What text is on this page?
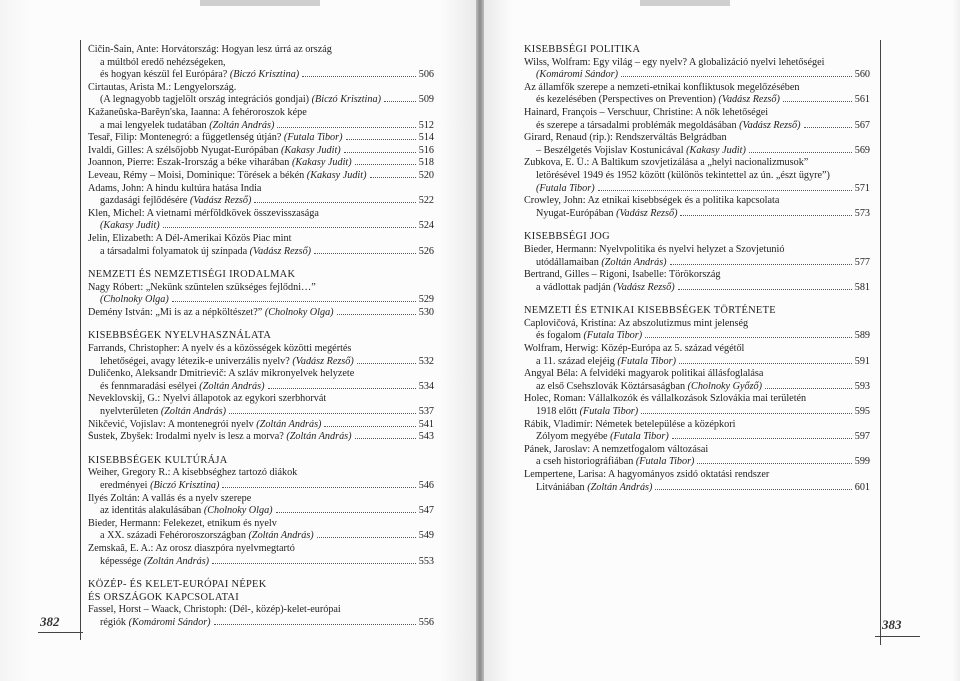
382	383
Čičin-Šain, Ante: Horvátország: Hogyan lesz úrrá az ország
a múltból eredő nehézségeken,
és hogyan készül fel Európára? (Biczó Krisztina)	506
Cirtautas, Arista M.: Lengyelország.
(A legnagyobb tagjelölt ország integrációs gondjai) (Biczó Krisztina)	509
Kažaneŭska-Barĕyn'ska, Iaanna: A fehéroroszok képe
a mai lengyelek tudatában (Zoltán András)	512
Tesař, Filip: Montenegró: a függetlenség útján? (Futala Tibor)	514
Ivaldi, Gilles: A szélsőjobb Nyugat-Európában (Kakasy Judit)	516
Joannon, Pierre: Észak-Írország a béke viharában (Kakasy Judit)	518
Leveau, Rémy – Moisi, Dominique: Törések a békén (Kakasy Judit)	520
Adams, John: A hindu kultúra hatása India
gazdasági fejlődésére (Vadász Rezső)	522
Klen, Michel: A vietnami mérföldkövek összevisszasága
(Kakasy Judit)	524
Jelin, Elizabeth: A Dél-Amerikai Közös Piac mint
a társadalmi folyamatok új színpada (Vadász Rezső)	526
NEMZETI ÉS NEMZETISÉGI IRODALMAK
Nagy Róbert: „Nekünk szüntelen szükséges fejlődni…”
(Cholnoky Olga)	529
Demény István: „Mi is az a népköltészet?” (Cholnoky Olga)	530
KISEBBSÉGEK NYELVHASZNÁLATA
Farrands, Christopher: A nyelv és a közösségek közötti megértés
lehetőségei, avagy létezik-e univerzális nyelv? (Vadász Rezső)	532
Duličenko, Aleksandr Dmitrievič: A szláv mikronyelvek helyzete
és fennmaradási esélyei (Zoltán András)	534
Neveklovskij, G.: Nyelvi állapotok az egykori szerbhorvát
nyelvterületen (Zoltán András)	537
Nikčević, Vojislav: A montenegrói nyelv (Zoltán András)	541
Šustek, Zbyšek: Irodalmi nyelv is lesz a morva? (Zoltán András)	543
KISEBBSÉGEK KULTÚRÁJA
Weiher, Gregory R.: A kisebbséghez tartozó diákok
eredményei (Biczó Krisztina)	546
Ilyés Zoltán: A vallás és a nyelv szerepe
az identitás alakulásában (Cholnoky Olga)	547
Bieder, Hermann: Felekezet, etnikum és nyelv
a XX. századi Fehéroroszországban (Zoltán András)	549
Zemskaâ, E. A.: Az orosz diaszpóra nyelvmegtartó
képessége (Zoltán András)	553
KÖZÉP- ÉS KELET-EURÓPAI NÉPEK
ÉS ORSZÁGOK KAPCSOLATAI
Fassel, Horst – Waack, Christoph: (Dél-, közép)-kelet-európai
régiók (Komáromi Sándor)	556
KISEBBSÉGI POLITIKA
Wilss, Wolfram: Egy világ – egy nyelv? A globalizáció nyelvi lehetőségei
(Komáromi Sándor)	560
Az államfők szerepe a nemzeti-etnikai konfliktusok megelőzésében
és kezelésében (Perspectives on Prevention) (Vadász Rezső)	561
Hainard, François – Verschuur, Christine: A nők lehetőségei
és szerepe a társadalmi problémák megoldásában (Vadász Rezső)	567
Girard, Renaud (rip.): Rendszerváltás Belgrádban
– Beszélgetés Vojislav Kostunicával (Kakasy Judit)	569
Zubkova, E. Ü.: A Baltikum szovjetizálása a „helyi nacionalizmusok”
letörésével 1949 és 1952 között (különös tekintettel az ún. „észt ügyre”)
(Futala Tibor)	571
Crowley, John: Az etnikai kisebbségek és a politika kapcsolata
Nyugat-Európában (Vadász Rezső)	573
KISEBBSÉGI JOG
Bieder, Hermann: Nyelvpolitika és nyelvi helyzet a Szovjetunió
utódállamaiban (Zoltán András)	577
Bertrand, Gilles – Rigoni, Isabelle: Törökország
a vádlottak padján (Vadász Rezső)	581
NEMZETI ÉS ETNIKAI KISEBBSÉGEK TÖRTÉNETE
Čaplovičová, Kristína: Az abszolutizmus mint jelenség
és fogalom (Futala Tibor)	589
Wolfram, Herwig: Közép-Európa az 5. század végétől
a 11. század elejéig (Futala Tibor)	591
Angyal Béla: A felvidéki magyarok politikai állásfoglalása
az első Csehszlovák Köztársaságban (Cholnoky Győző)	593
Holec, Roman: Vállalkozók és vállalkozások Szlovákia mai területén
1918 előtt (Futala Tibor)	595
Rábik, Vladimír: Németek betelepülése a középkori
Zólyom megyébe (Futala Tibor)	597
Pánek, Jaroslav: A nemzetfogalom változásai
a cseh historiográfiában (Futala Tibor)	599
Lempertene, Larisa: A hagyományos zsidó oktatási rendszer
Litvániában (Zoltán András)	601
